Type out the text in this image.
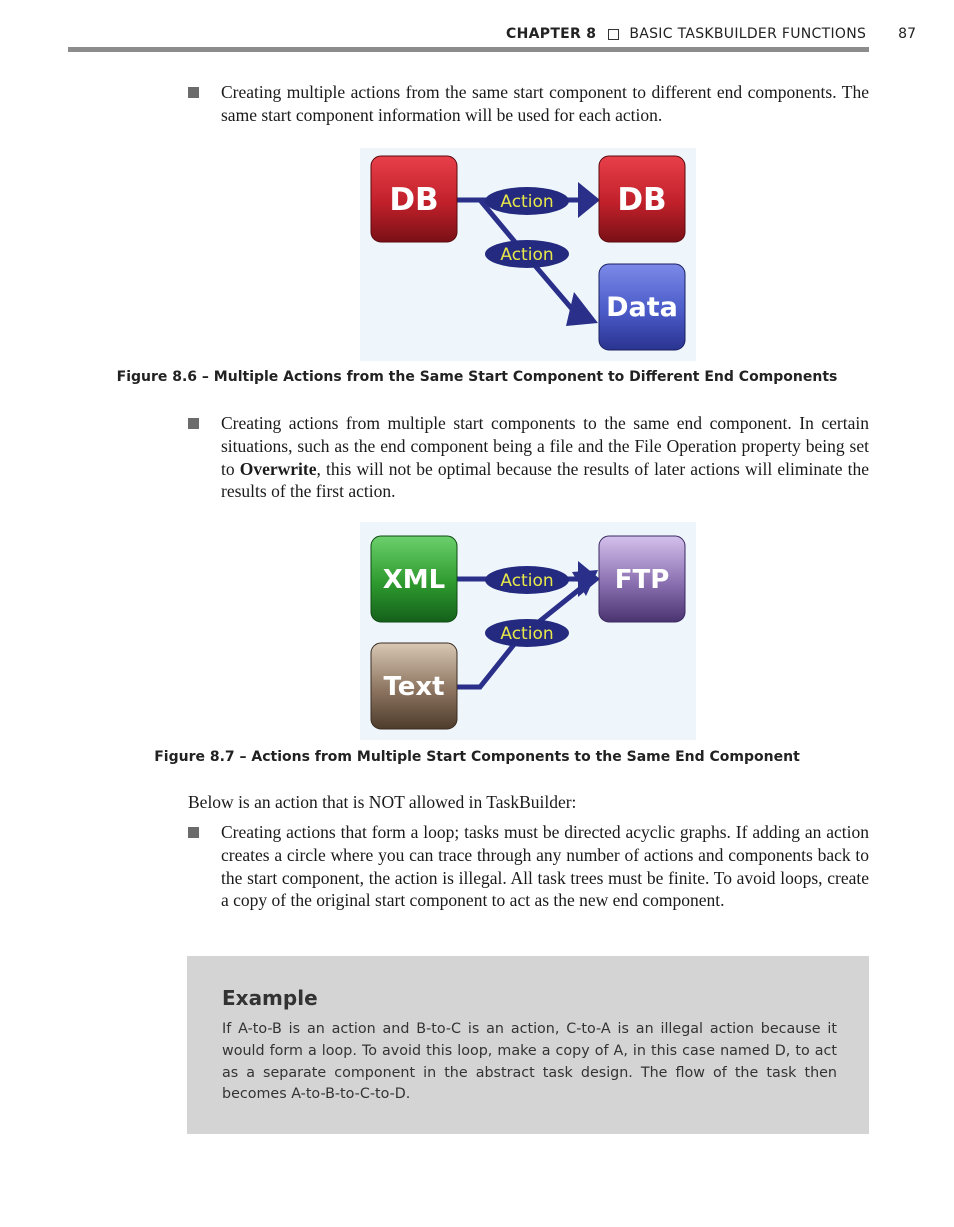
CHAPTER 8 BASIC TASKBUILDER FUNCTIONS 87
Creating multiple actions from the same start component to different end components. The same start component information will be used for each action.
Action
Action
DB	DB
Data
Figure 8.6 – Multiple Actions from the Same Start Component to Different End Components
Creating actions from multiple start components to the same end component. In certain situations, such as the end component being a file and the File Operation property being set to Overwrite, this will not be optimal because the results of later actions will eliminate the results of the first action.
Action
Action
XML	FTP
Text
Figure 8.7 – Actions from Multiple Start Components to the Same End Component
Below is an action that is NOT allowed in TaskBuilder:
Creating actions that form a loop; tasks must be directed acyclic graphs. If adding an action creates a circle where you can trace through any number of actions and components back to the start component, the action is illegal. All task trees must be finite. To avoid loops, create a copy of the original start component to act as the new end component.
Example
If A-to-B is an action and B-to-C is an action, C-to-A is an illegal action because it would form a loop. To avoid this loop, make a copy of A, in this case named D, to act as a separate component in the abstract task design. The flow of the task then becomes A-to-B-to-C-to-D.
